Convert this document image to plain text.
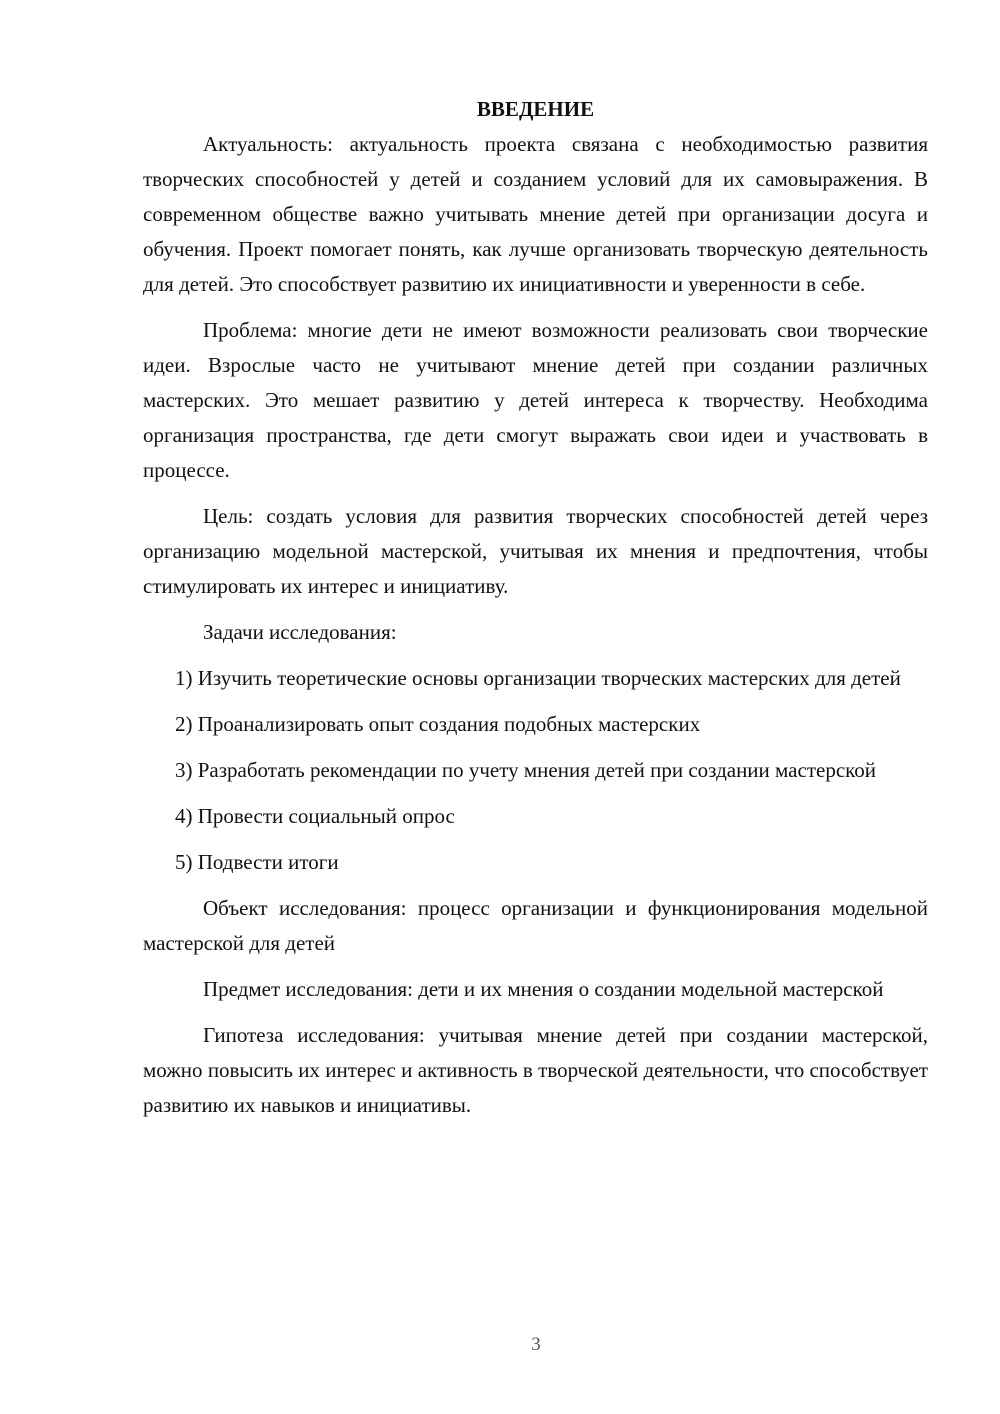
ВВЕДЕНИЕ

Актуальность: актуальность проекта связана с необходимостью развития творческих способностей у детей и созданием условий для их самовыражения. В современном обществе важно учитывать мнение детей при организации досуга и обучения. Проект помогает понять, как лучше организовать творческую деятельность для детей. Это способствует развитию их инициативности и уверенности в себе.

Проблема: многие дети не имеют возможности реализовать свои творческие идеи. Взрослые часто не учитывают мнение детей при создании различных мастерских. Это мешает развитию у детей интереса к творчеству. Необходима организация пространства, где дети смогут выражать свои идеи и участвовать в процессе.

Цель: создать условия для развития творческих способностей детей через организацию модельной мастерской, учитывая их мнения и предпочтения, чтобы стимулировать их интерес и инициативу.

Задачи исследования:

1) Изучить теоретические основы организации творческих мастерских для детей

2) Проанализировать опыт создания подобных мастерских

3) Разработать рекомендации по учету мнения детей при создании мастерской

4) Провести социальный опрос

5) Подвести итоги

Объект исследования: процесс организации и функционирования модельной мастерской для детей

Предмет исследования: дети и их мнения о создании модельной мастерской

Гипотеза исследования: учитывая мнение детей при создании мастерской, можно повысить их интерес и активность в творческой деятельности, что способствует развитию их навыков и инициативы.

3
